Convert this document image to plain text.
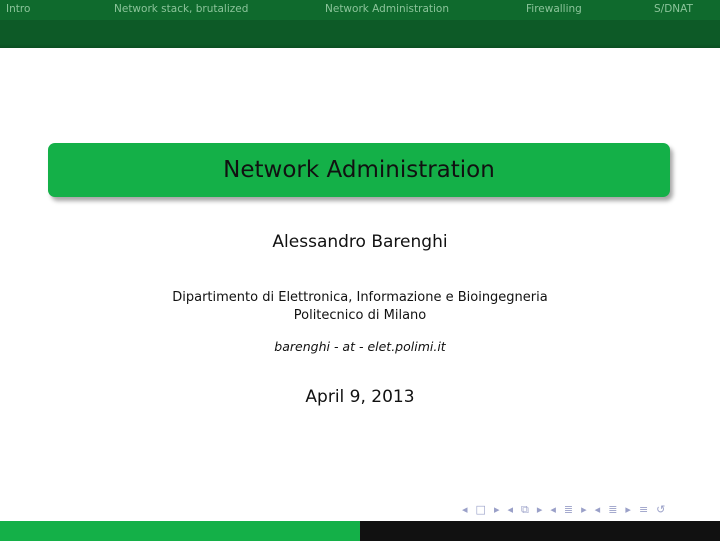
Intro	Network stack, brutalized	Network Administration	Firewalling	S/DNAT
Network Administration
Alessandro Barenghi
Dipartimento di Elettronica, Informazione e Bioingegneria
Politecnico di Milano
barenghi - at - elet.polimi.it
April 9, 2013
◂ □ ▸ ◂ ⧉ ▸ ◂ ≣ ▸ ◂ ≣ ▸ ≡ ↺
